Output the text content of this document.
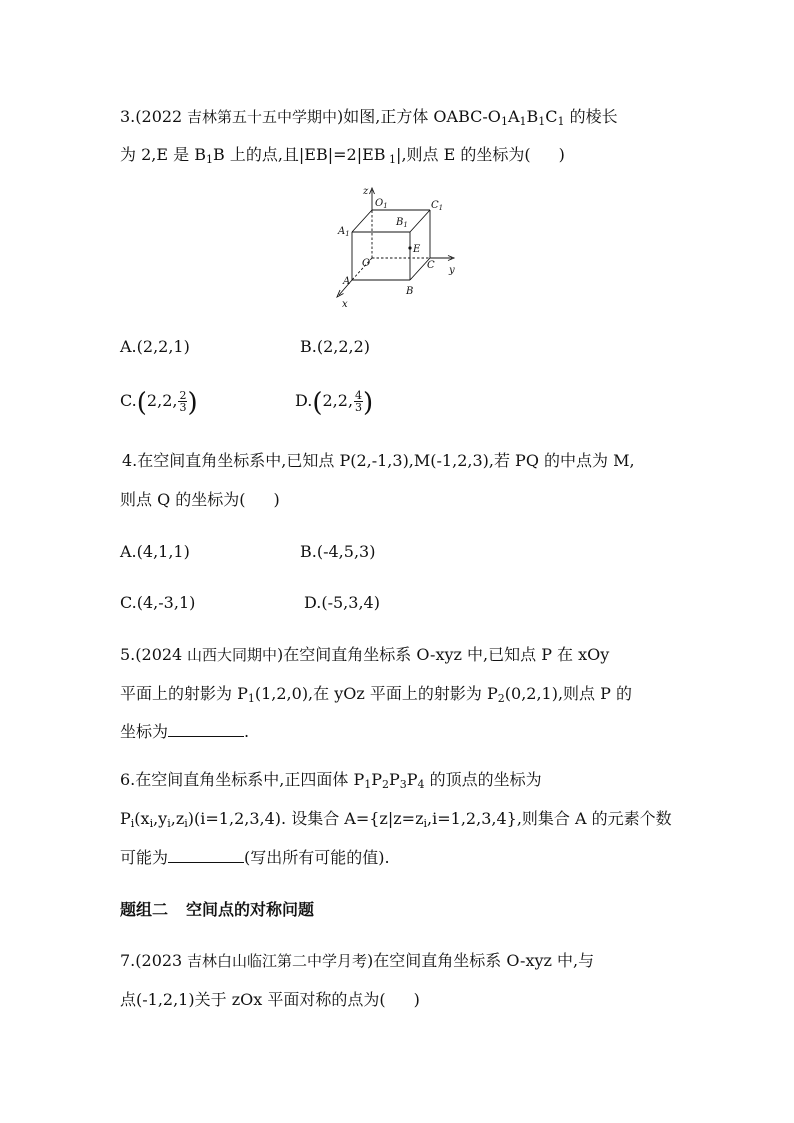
3.(2022 吉林第五十五中学期中)如图,正方体 OABC-$O_1A_1B_1C_1$ 的棱长
为 2,E 是 $B_1B$ 上的点,且|EB|=2|EB $_1$|,则点 E 的坐标为( )
z
$O_1$
$B_1$
$C_1$
$A_1$
E
O	C y
A
B
x
A.(2,2,1)	B.(2,2,2)
C.(2,2, $\frac{2}{3}$ )	D.(2,2, $\frac{4}{3}$ )
4.在空间直角坐标系中,已知点 P(2,-1,3),M(-1,2,3),若 PQ 的中点为 M,
则点 Q 的坐标为( )
A.(4,1,1)	B.(-4,5,3)
C.(4,-3,1)	D.(-5,3,4)
5.(2024 山西大同期中)在空间直角坐标系 O-xyz 中,已知点 P 在 xOy
平面上的射影为 $P_1(1,2,0)$,在 yOz 平面上的射影为 $P_2(0,2,1)$,则点 P 的
坐标为	.
6.在空间直角坐标系中,正四面体 $P_1P_2P_3P_4$ 的顶点的坐标为
$P_i(x_i,y_i,z_i)(i=1,2,3,4)$. 设集合 $A=\{z|z=z_i,i=1,2,3,4\}$,则集合 A 的元素个数
可能为	(写出所有可能的值).
题组二 空间点的对称问题
7.(2023 吉林白山临江第二中学月考)在空间直角坐标系 O-xyz 中,与
点(-1,2,1)关于 zOx 平面对称的点为( )
